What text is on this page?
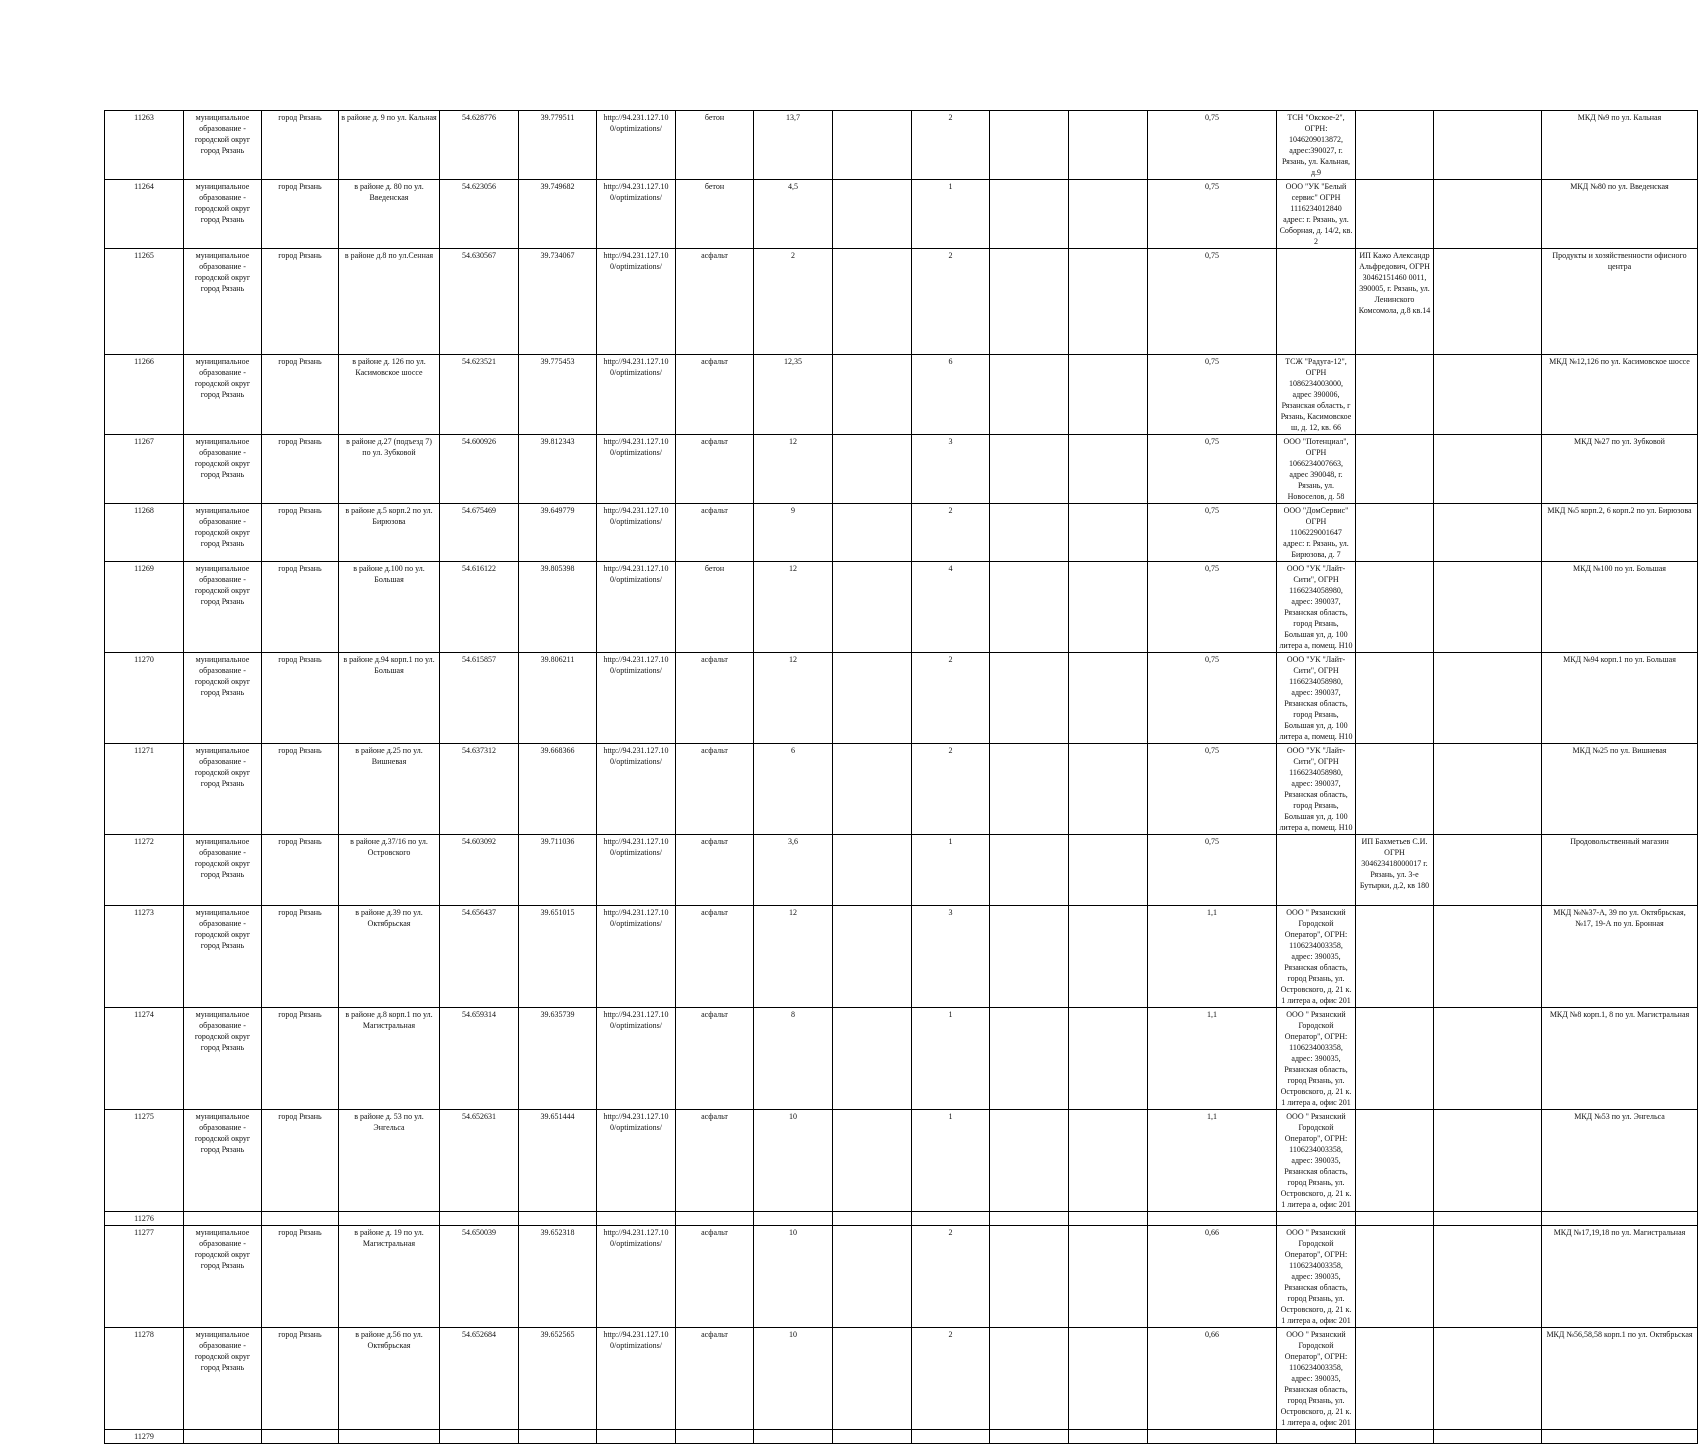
11263	муниципальное образование - городской округ город Рязань	город Рязань	в районе д. 9 по ул. Кальная	54.628776	39.779511	http://94.231.127.10 0/optimizations/	бетон	13,7		2			0,75	ТСН "Окское-2", ОГРН: 1046209013872, адрес:390027, г. Рязань, ул. Кальная, д.9			МКД №9 по ул. Кальная
11264	муниципальное образование - городской округ город Рязань	город Рязань	в районе д. 80 по ул. Введенская	54.623056	39.749682	http://94.231.127.10 0/optimizations/	бетон	4,5		1			0,75	ООО "УК "Белый сервис" ОГРН 1116234012840 адрес: г. Рязань, ул. Соборная, д. 14/2, кв. 2			МКД №80 по ул. Введенская
11265	муниципальное образование - городской округ город Рязань	город Рязань	в районе д.8 по ул.Сенная	54.630567	39.734067	http://94.231.127.10 0/optimizations/	асфальт	2		2			0,75		ИП Кажо Александр Альфредович, ОГРН 30462151460 0011, 390005, г. Рязань, ул. Ленинского Комсомола, д.8 кв.14		Продукты и хозяйственности офисного центра
11266	муниципальное образование - городской округ город Рязань	город Рязань	в районе д. 126 по ул. Касимовское шоссе	54.623521	39.775453	http://94.231.127.10 0/optimizations/	асфальт	12,35		6			0,75	ТСЖ "Радуга-12", ОГРН 1086234003000, адрес 390006, Рязанская область, г Рязань, Касимовское ш, д. 12, кв. 66			МКД №12,126 по ул. Касимовское шоссе
11267	муниципальное образование - городской округ город Рязань	город Рязань	в районе д.27 (подъезд 7) по ул. Зубковой	54.600926	39.812343	http://94.231.127.10 0/optimizations/	асфальт	12		3			0,75	ООО "Потенциал", ОГРН 1066234007663, адрес 390048, г. Рязань, ул. Новоселов, д. 58			МКД №27 по ул. Зубковой
11268	муниципальное образование - городской округ город Рязань	город Рязань	в районе д.5 корп.2 по ул. Бирюзова	54.675469	39.649779	http://94.231.127.10 0/optimizations/	асфальт	9		2			0,75	ООО "ДомСервис" ОГРН 1106229001647 адрес: г. Рязань, ул. Бирюзова, д. 7			МКД №5 корп.2, 6 корп.2 по ул. Бирюзова
11269	муниципальное образование - городской округ город Рязань	город Рязань	в районе д.100 по ул. Большая	54.616122	39.805398	http://94.231.127.10 0/optimizations/	бетон	12		4			0,75	ООО "УК "Лайт-Сити", ОГРН 1166234058980, адрес: 390037, Рязанская область, город Рязань, Большая ул, д. 100 литера а, помещ. Н10			МКД №100 по ул. Большая
11270	муниципальное образование - городской округ город Рязань	город Рязань	в районе д.94 корп.1 по ул. Большая	54.615857	39.806211	http://94.231.127.10 0/optimizations/	асфальт	12		2			0,75	ООО "УК "Лайт-Сити", ОГРН 1166234058980, адрес: 390037, Рязанская область, город Рязань, Большая ул, д. 100 литера а, помещ. Н10			МКД №94 корп.1 по ул. Большая
11271	муниципальное образование - городской округ город Рязань	город Рязань	в районе д.25 по ул. Вишневая	54.637312	39.668366	http://94.231.127.10 0/optimizations/	асфальт	6		2			0,75	ООО "УК "Лайт-Сити", ОГРН 1166234058980, адрес: 390037, Рязанская область, город Рязань, Большая ул, д. 100 литера а, помещ. Н10			МКД №25 по ул. Вишневая
11272	муниципальное образование - городской округ город Рязань	город Рязань	в районе д.37/16 по ул. Островского	54.603092	39.711036	http://94.231.127.10 0/optimizations/	асфальт	3,6		1			0,75		ИП Бахметьев С.И. ОГРН 304623418000017 г. Рязань, ул. 3-е Бутырки, д.2, кв 180		Продовольственный магазин
11273	муниципальное образование - городской округ город Рязань	город Рязань	в районе д.39 по ул. Октябрьская	54.656437	39.651015	http://94.231.127.10 0/optimizations/	асфальт	12		3			1,1	ООО " Рязанский Городской Оператор", ОГРН: 1106234003358, адрес: 390035, Рязанская область, город Рязань, ул. Островского, д. 21 к. 1 литера а, офис 201			МКД №№37-А, 39 по ул. Октябрьская, №17, 19-А по ул. Бронная
11274	муниципальное образование - городской округ город Рязань	город Рязань	в районе д.8 корп.1 по ул. Магистральная	54.659314	39.635739	http://94.231.127.10 0/optimizations/	асфальт	8		1			1,1	ООО " Рязанский Городской Оператор", ОГРН: 1106234003358, адрес: 390035, Рязанская область, город Рязань, ул. Островского, д. 21 к. 1 литера а, офис 201			МКД №8 корп.1, 8 по ул. Магистральная
11275	муниципальное образование - городской округ город Рязань	город Рязань	в районе д. 53 по ул. Энгельса	54.652631	39.651444	http://94.231.127.10 0/optimizations/	асфальт	10		1			1,1	ООО " Рязанский Городской Оператор", ОГРН: 1106234003358, адрес: 390035, Рязанская область, город Рязань, ул. Островского, д. 21 к. 1 литера а, офис 201			МКД №53 по ул. Энгельса
11276																	
11277	муниципальное образование - городской округ город Рязань	город Рязань	в районе д. 19 по ул. Магистральная	54.650039	39.652318	http://94.231.127.10 0/optimizations/	асфальт	10		2			0,66	ООО " Рязанский Городской Оператор", ОГРН: 1106234003358, адрес: 390035, Рязанская область, город Рязань, ул. Островского, д. 21 к. 1 литера а, офис 201			МКД №17,19,18 по ул. Магистральная
11278	муниципальное образование - городской округ город Рязань	город Рязань	в районе д.56 по ул. Октябрьская	54.652684	39.652565	http://94.231.127.10 0/optimizations/	асфальт	10		2			0,66	ООО " Рязанский Городской Оператор", ОГРН: 1106234003358, адрес: 390035, Рязанская область, город Рязань, ул. Островского, д. 21 к. 1 литера а, офис 201			МКД №56,58,58 корп.1 по ул. Октябрьская
11279																	
